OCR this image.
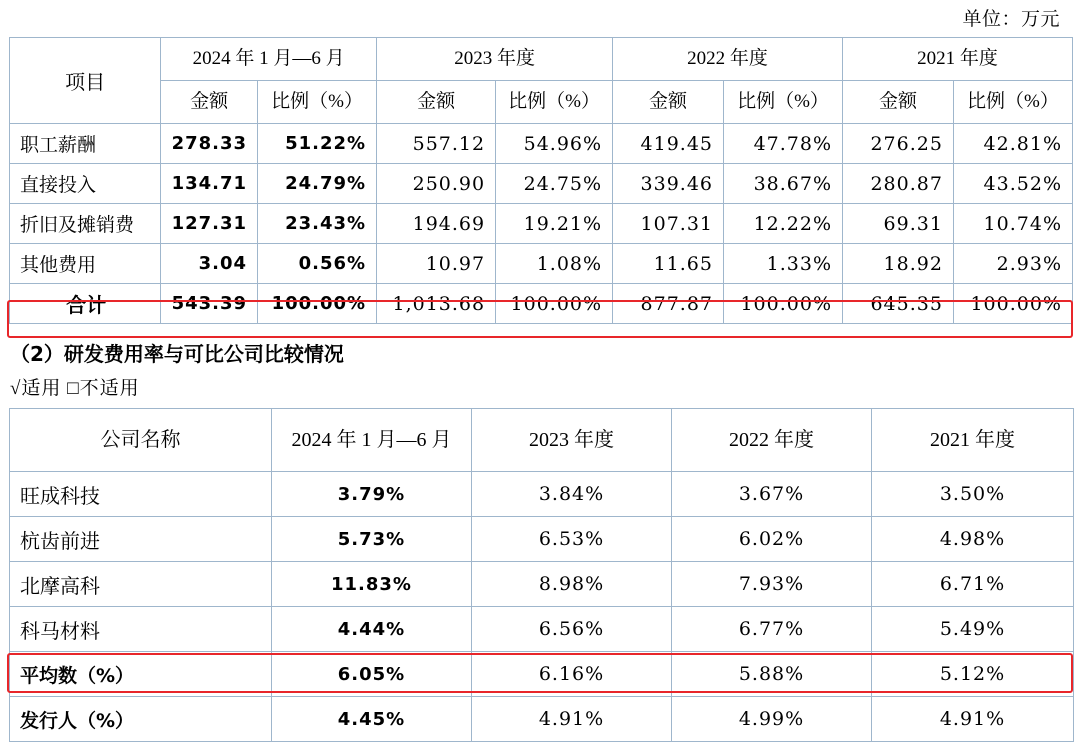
单位：万元
项目	2024 年 1 月—6 月		2023 年度		2022 年度		2021 年度	
	金额	比例（%）	金额	比例（%）	金额	比例（%）	金额	比例（%）
职工薪酬	278.33	51.22%	557.12	54.96%	419.45	47.78%	276.25	42.81%
直接投入	134.71	24.79%	250.90	24.75%	339.46	38.67%	280.87	43.52%
折旧及摊销费	127.31	23.43%	194.69	19.21%	107.31	12.22%	69.31	10.74%
其他费用	3.04	0.56%	10.97	1.08%	11.65	1.33%	18.92	2.93%
合计	543.39	100.00%	1,013.68	100.00%	877.87	100.00%	645.35	100.00%
（2）研发费用率与可比公司比较情况
√适用 □不适用
公司名称	2024 年 1 月—6 月	2023 年度	2022 年度	2021 年度
旺成科技	3.79%	3.84%	3.67%	3.50%
杭齿前进	5.73%	6.53%	6.02%	4.98%
北摩高科	11.83%	8.98%	7.93%	6.71%
科马材料	4.44%	6.56%	6.77%	5.49%
平均数（%）	6.05%	6.16%	5.88%	5.12%
发行人（%）	4.45%	4.91%	4.99%	4.91%
